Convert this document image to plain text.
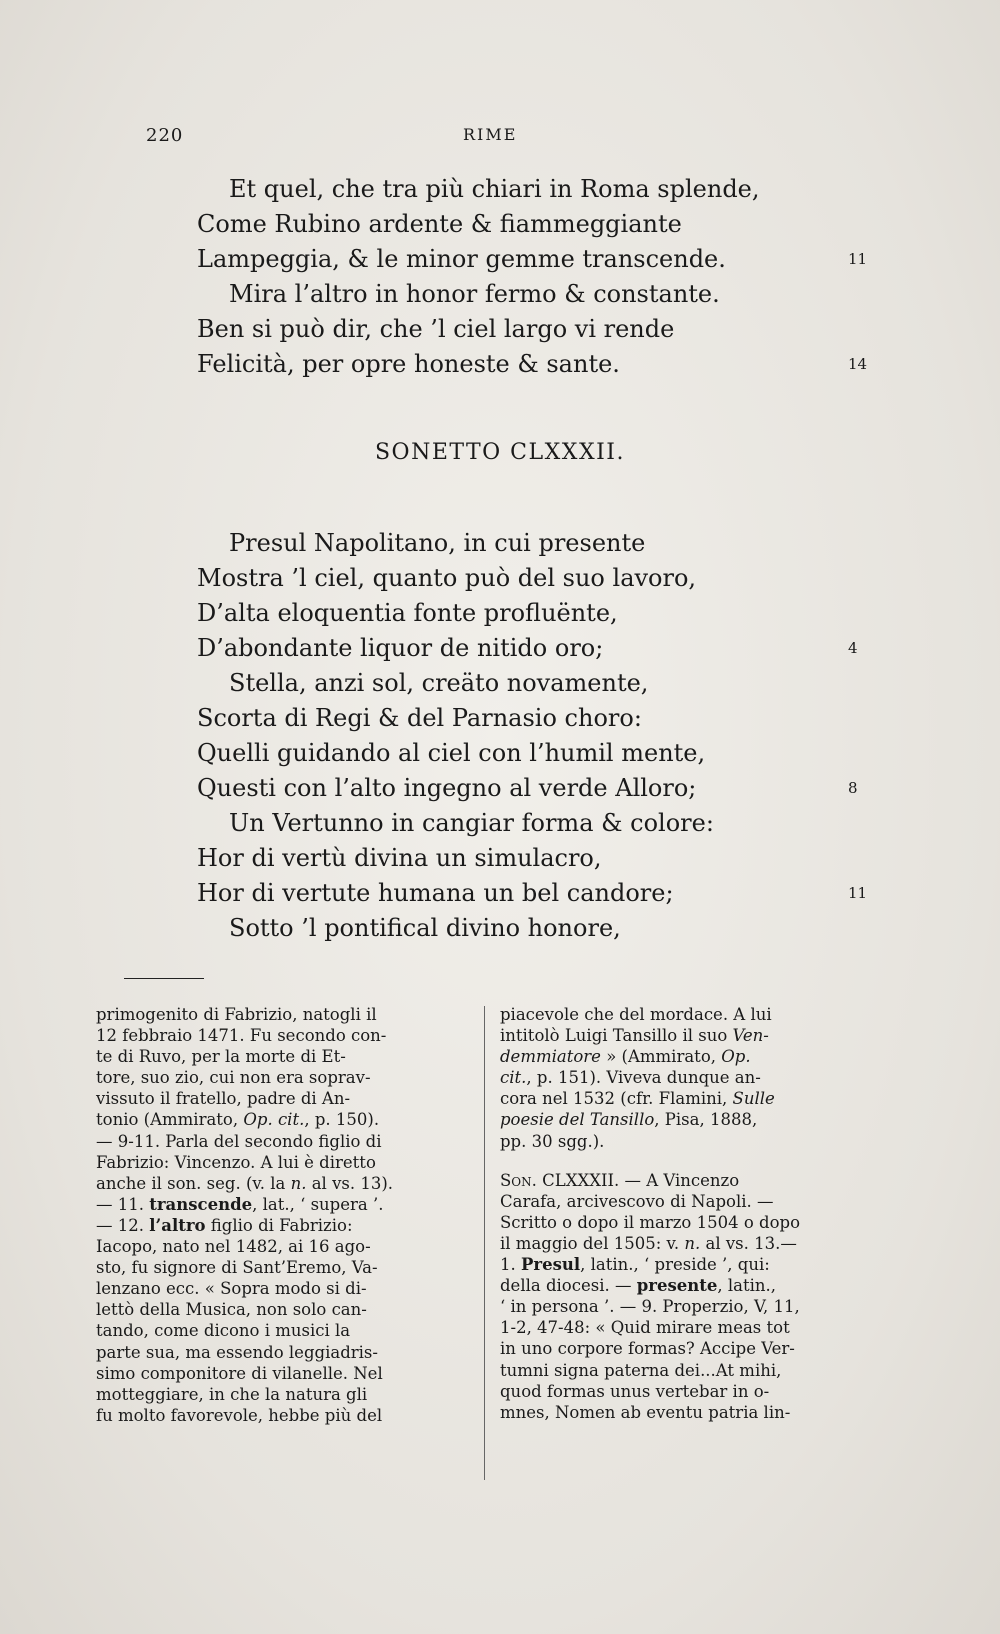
220	RIME
Et quel, che tra più chiari in Roma splende,
Come Rubino ardente & fiammeggiante
Lampeggia, & le minor gemme transcende.	11
Mira l’altro in honor fermo & constante.
Ben si può dir, che ’l ciel largo vi rende
Felicità, per opre honeste & sante.	14
SONETTO CLXXXII.
Presul Napolitano, in cui presente
Mostra ’l ciel, quanto può del suo lavoro,
D’alta eloquentia fonte profluënte,
D’abondante liquor de nitido oro;	4
Stella, anzi sol, creäto novamente,
Scorta di Regi & del Parnasio choro:
Quelli guidando al ciel con l’humil mente,
Questi con l’alto ingegno al verde Alloro;	8
Un Vertunno in cangiar forma & colore:
Hor di vertù divina un simulacro,
Hor di vertute humana un bel candore;	11
Sotto ’l pontifical divino honore,
primogenito di Fabrizio, natogli il
12 febbraio 1471. Fu secondo con-
te di Ruvo, per la morte di Et-
tore, suo zio, cui non era soprav-
vissuto il fratello, padre di An-
tonio (Ammirato, Op. cit., p. 150).
— 9-11. Parla del secondo figlio di
Fabrizio: Vincenzo. A lui è diretto
anche il son. seg. (v. la n. al vs. 13).
— 11. transcende, lat., ‘ supera ’.
— 12. l’altro figlio di Fabrizio:
Iacopo, nato nel 1482, ai 16 ago-
sto, fu signore di Sant’Eremo, Va-
lenzano ecc. « Sopra modo si di-
lettò della Musica, non solo can-
tando, come dicono i musici la
parte sua, ma essendo leggiadris-
simo componitore di vilanelle. Nel
motteggiare, in che la natura gli
fu molto favorevole, hebbe più del
piacevole che del mordace. A lui
intitolò Luigi Tansillo il suo Ven-
demmiatore » (Ammirato, Op.
cit., p. 151). Viveva dunque an-
cora nel 1532 (cfr. Flamini, Sulle
poesie del Tansillo, Pisa, 1888,
pp. 30 sgg.).
Son. CLXXXII. — A Vincenzo
Carafa, arcivescovo di Napoli. —
Scritto o dopo il marzo 1504 o dopo
il maggio del 1505: v. n. al vs. 13.—
1. Presul, latin., ‘ preside ’, qui:
della diocesi. — presente, latin.,
‘ in persona ’. — 9. Properzio, V, 11,
1-2, 47-48: « Quid mirare meas tot
in uno corpore formas? Accipe Ver-
tumni signa paterna dei...At mihi,
quod formas unus vertebar in o-
mnes, Nomen ab eventu patria lin-
